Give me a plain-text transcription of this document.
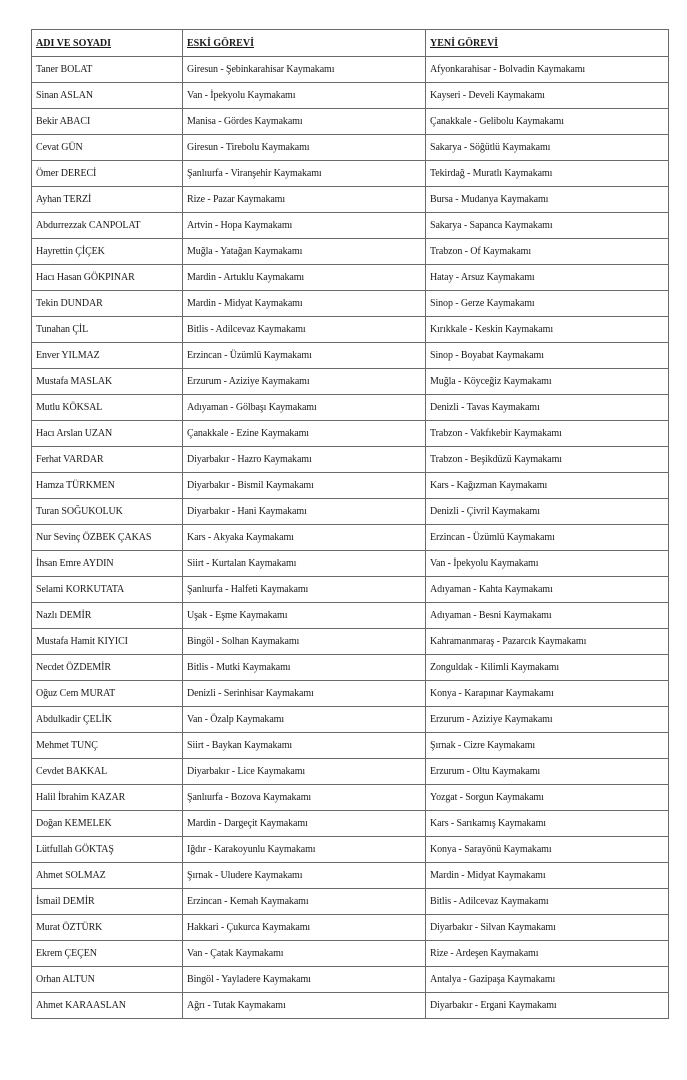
ADI VE SOYADI	ESKİ GÖREVİ	YENİ GÖREVİ
Taner BOLAT	Giresun - Şebinkarahisar Kaymakamı	Afyonkarahisar - Bolvadin Kaymakamı
Sinan ASLAN	Van - İpekyolu Kaymakamı	Kayseri - Develi Kaymakamı
Bekir ABACI	Manisa - Gördes Kaymakamı	Çanakkale - Gelibolu Kaymakamı
Cevat GÜN	Giresun - Tirebolu Kaymakamı	Sakarya - Söğütlü Kaymakamı
Ömer DERECİ	Şanlıurfa - Viranşehir Kaymakamı	Tekirdağ - Muratlı Kaymakamı
Ayhan TERZİ	Rize - Pazar Kaymakamı	Bursa - Mudanya Kaymakamı
Abdurrezzak CANPOLAT	Artvin - Hopa Kaymakamı	Sakarya - Sapanca Kaymakamı
Hayrettin ÇİÇEK	Muğla - Yatağan Kaymakamı	Trabzon - Of Kaymakamı
Hacı Hasan GÖKPINAR	Mardin - Artuklu Kaymakamı	Hatay - Arsuz Kaymakamı
Tekin DUNDAR	Mardin - Midyat Kaymakamı	Sinop - Gerze Kaymakamı
Tunahan ÇİL	Bitlis - Adilcevaz Kaymakamı	Kırıkkale - Keskin Kaymakamı
Enver YILMAZ	Erzincan - Üzümlü Kaymakamı	Sinop - Boyabat Kaymakamı
Mustafa MASLAK	Erzurum - Aziziye Kaymakamı	Muğla - Köyceğiz Kaymakamı
Mutlu KÖKSAL	Adıyaman - Gölbaşı Kaymakamı	Denizli - Tavas Kaymakamı
Hacı Arslan UZAN	Çanakkale - Ezine Kaymakamı	Trabzon - Vakfıkebir Kaymakamı
Ferhat VARDAR	Diyarbakır - Hazro Kaymakamı	Trabzon - Beşikdüzü Kaymakamı
Hamza TÜRKMEN	Diyarbakır - Bismil Kaymakamı	Kars - Kağızman Kaymakamı
Turan SOĞUKOLUK	Diyarbakır - Hani Kaymakamı	Denizli - Çivril Kaymakamı
Nur Sevinç ÖZBEK ÇAKAS	Kars - Akyaka Kaymakamı	Erzincan - Üzümlü Kaymakamı
İhsan Emre AYDIN	Siirt - Kurtalan Kaymakamı	Van - İpekyolu Kaymakamı
Selami KORKUTATA	Şanlıurfa - Halfeti Kaymakamı	Adıyaman - Kahta Kaymakamı
Nazlı DEMİR	Uşak - Eşme Kaymakamı	Adıyaman - Besni Kaymakamı
Mustafa Hamit KIYICI	Bingöl - Solhan Kaymakamı	Kahramanmaraş - Pazarcık Kaymakamı
Necdet ÖZDEMİR	Bitlis - Mutki Kaymakamı	Zonguldak - Kilimli Kaymakamı
Oğuz Cem MURAT	Denizli - Serinhisar Kaymakamı	Konya - Karapınar Kaymakamı
Abdulkadir ÇELİK	Van - Özalp Kaymakamı	Erzurum - Aziziye Kaymakamı
Mehmet TUNÇ	Siirt - Baykan Kaymakamı	Şırnak - Cizre Kaymakamı
Cevdet BAKKAL	Diyarbakır - Lice Kaymakamı	Erzurum - Oltu Kaymakamı
Halil İbrahim KAZAR	Şanlıurfa - Bozova Kaymakamı	Yozgat - Sorgun Kaymakamı
Doğan KEMELEK	Mardin - Dargeçit Kaymakamı	Kars - Sarıkamış Kaymakamı
Lütfullah GÖKTAŞ	Iğdır - Karakoyunlu Kaymakamı	Konya - Sarayönü Kaymakamı
Ahmet SOLMAZ	Şırnak - Uludere Kaymakamı	Mardin - Midyat Kaymakamı
İsmail DEMİR	Erzincan - Kemah Kaymakamı	Bitlis - Adilcevaz Kaymakamı
Murat ÖZTÜRK	Hakkari - Çukurca Kaymakamı	Diyarbakır - Silvan Kaymakamı
Ekrem ÇEÇEN	Van - Çatak Kaymakamı	Rize - Ardeşen Kaymakamı
Orhan ALTUN	Bingöl - Yayladere Kaymakamı	Antalya - Gazipaşa Kaymakamı
Ahmet KARAASLAN	Ağrı - Tutak Kaymakamı	Diyarbakır - Ergani Kaymakamı
